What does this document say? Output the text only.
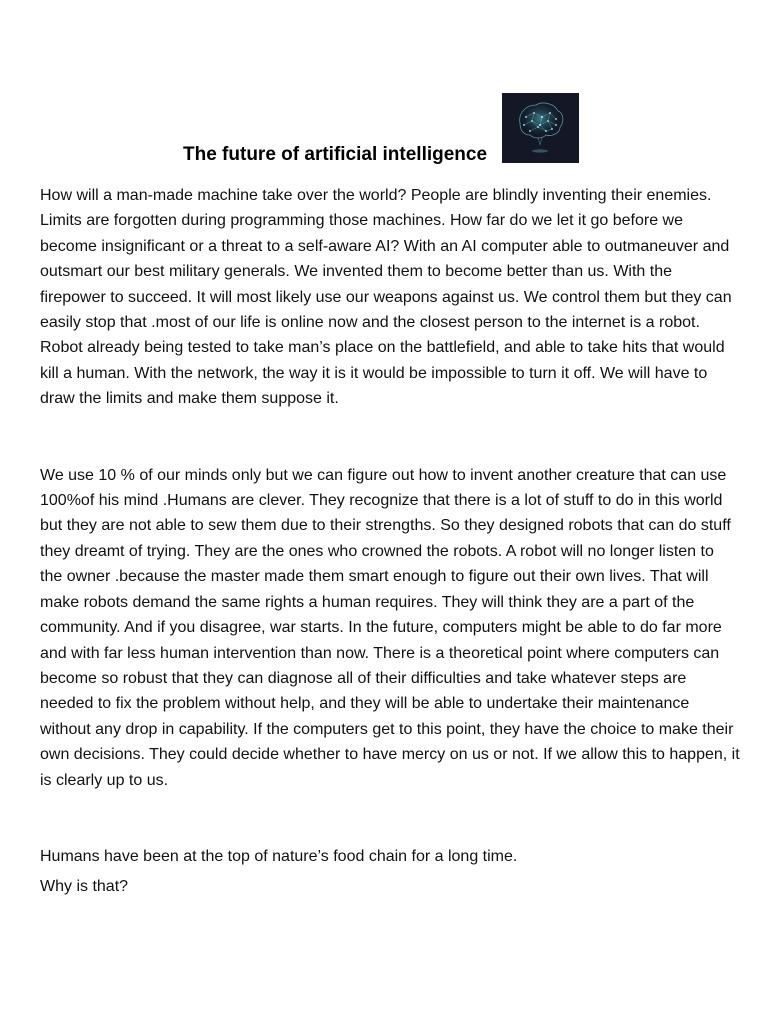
The future of artificial intelligence

How will a man-made machine take over the world? People are blindly inventing their enemies. Limits are forgotten during programming those machines. How far do we let it go before we become insignificant or a threat to a self-aware AI? With an AI computer able to outmaneuver and outsmart our best military generals. We invented them to become better than us. With the firepower to succeed. It will most likely use our weapons against us. We control them but they can easily stop that .most of our life is online now and the closest person to the internet is a robot. Robot already being tested to take man’s place on the battlefield, and able to take hits that would kill a human. With the network, the way it is it would be impossible to turn it off. We will have to draw the limits and make them suppose it.

We use 10 % of our minds only but we can figure out how to invent another creature that can use 100%of his mind .Humans are clever. They recognize that there is a lot of stuff to do in this world but they are not able to sew them due to their strengths. So they designed robots that can do stuff they dreamt of trying. They are the ones who crowned the robots. A robot will no longer listen to the owner .because the master made them smart enough to figure out their own lives. That will make robots demand the same rights a human requires. They will think they are a part of the community. And if you disagree, war starts. In the future, computers might be able to do far more and with far less human intervention than now. There is a theoretical point where computers can become so robust that they can diagnose all of their difficulties and take whatever steps are needed to fix the problem without help, and they will be able to undertake their maintenance without any drop in capability. If the computers get to this point, they have the choice to make their own decisions. They could decide whether to have mercy on us or not. If we allow this to happen, it is clearly up to us.

Humans have been at the top of nature’s food chain for a long time.

Why is that?
